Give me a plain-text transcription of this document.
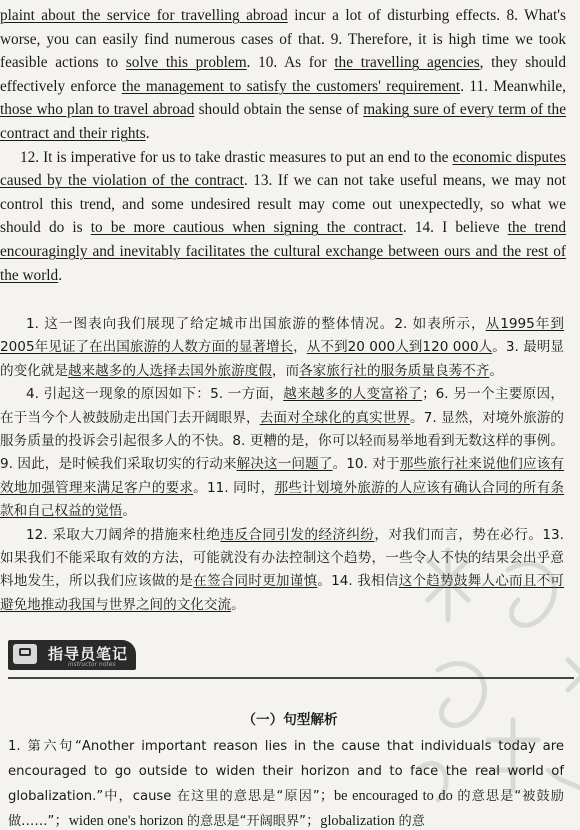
plaint about the service for travelling abroad incur a lot of disturbing effects. 8. What's worse, you can easily find numerous cases of that. 9. Therefore, it is high time we took feasible actions to solve this problem. 10. As for the travelling agencies, they should effectively enforce the management to satisfy the customers' requirement. 11. Meanwhile, those who plan to travel abroad should obtain the sense of making sure of every term of the contract and their rights.

12. It is imperative for us to take drastic measures to put an end to the economic disputes caused by the violation of the contract. 13. If we can not take useful means, we may not control this trend, and some undesired result may come out unexpectedly, so what we should do is to be more cautious when signing the contract. 14. I believe the trend encouragingly and inevitably facilitates the cultural exchange between ours and the rest of the world.

1. 这一图表向我们展现了给定城市出国旅游的整体情况。2. 如表所示，从1995年到2005年见证了在出国旅游的人数方面的显著增长，从不到20 000人到120 000人。3. 最明显的变化就是越来越多的人选择去国外旅游度假，而各家旅行社的服务质量良莠不齐。

4. 引起这一现象的原因如下：5. 一方面，越来越多的人变富裕了；6. 另一个主要原因，在于当今个人被鼓励走出国门去开阔眼界，去面对全球化的真实世界。7. 显然，对境外旅游的服务质量的投诉会引起很多人的不快。8. 更糟的是，你可以轻而易举地看到无数这样的事例。9. 因此，是时候我们采取切实的行动来解决这一问题了。10. 对于那些旅行社来说他们应该有效地加强管理来满足客户的要求。11. 同时，那些计划境外旅游的人应该有确认合同的所有条款和自己权益的觉悟。

12. 采取大刀阔斧的措施来杜绝违反合同引发的经济纠纷，对我们而言，势在必行。13. 如果我们不能采取有效的方法，可能就没有办法控制这个趋势，一些令人不快的结果会出乎意料地发生，所以我们应该做的是在签合同时更加谨慎。14. 我相信这个趋势鼓舞人心而且不可避免地推动我国与世界之间的文化交流。

指导员笔记
instructor notes
（一）句型解析

1. 第六句“Another important reason lies in the cause that individuals today are encouraged to go outside to widen their horizon and to face the real world of globalization.”中，cause 在这里的意思是“原因”；be encouraged to do 的意思是“被鼓励做……”；widen one's horizon 的意思是“开阔眼界”；globalization 的意
